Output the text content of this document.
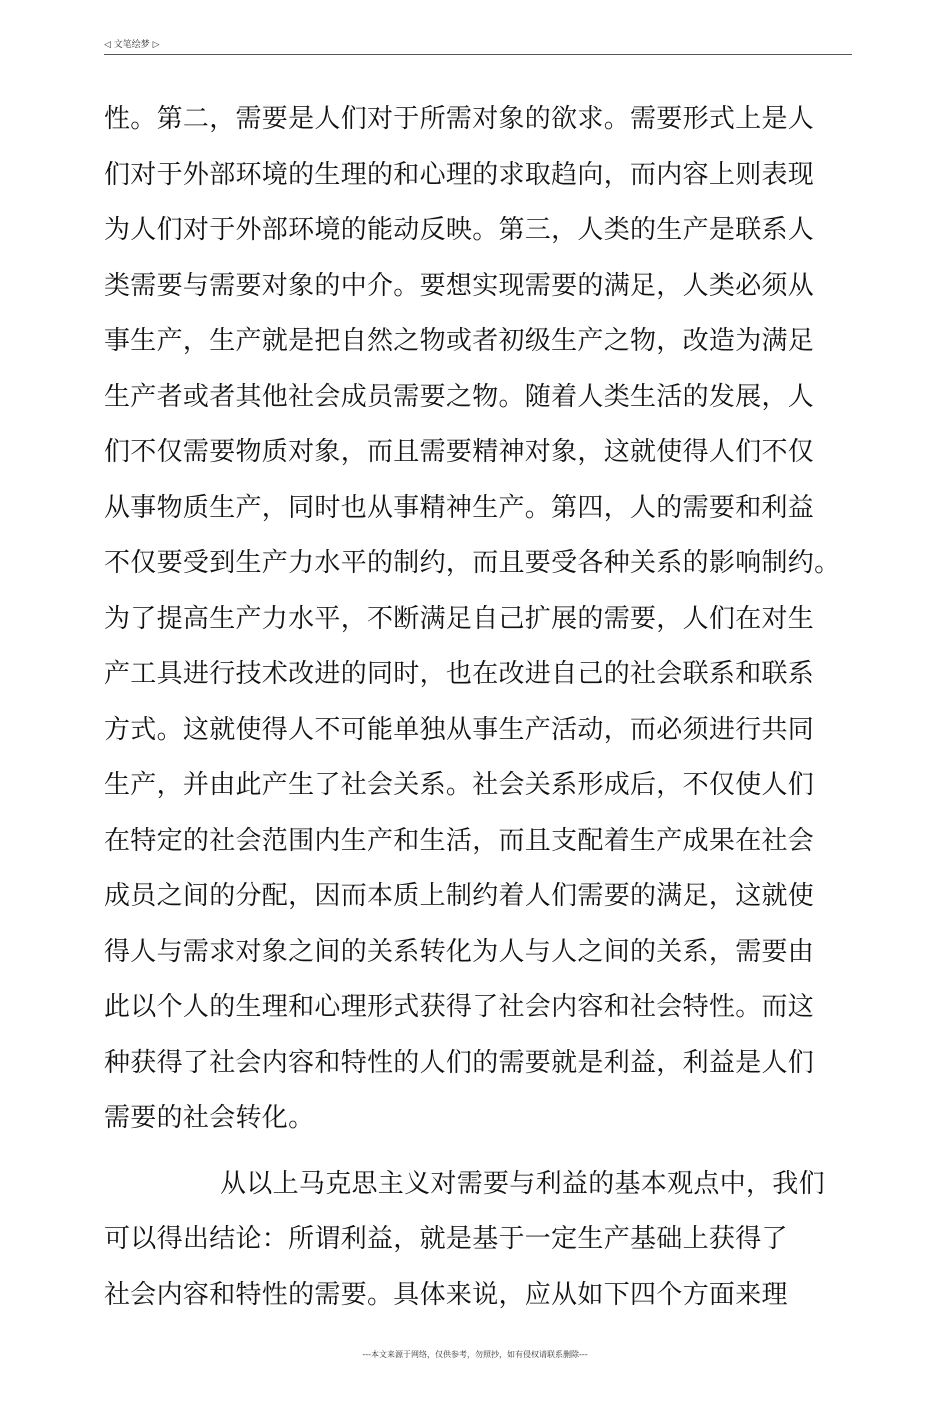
◁ 文笔绘梦 ▷
性。第二，需要是人们对于所需对象的欲求。需要形式上是人
们对于外部环境的生理的和心理的求取趋向，而内容上则表现
为人们对于外部环境的能动反映。第三，人类的生产是联系人
类需要与需要对象的中介。要想实现需要的满足，人类必须从
事生产，生产就是把自然之物或者初级生产之物，改造为满足
生产者或者其他社会成员需要之物。随着人类生活的发展，人
们不仅需要物质对象，而且需要精神对象，这就使得人们不仅
从事物质生产，同时也从事精神生产。第四，人的需要和利益
不仅要受到生产力水平的制约，而且要受各种关系的影响制约。
为了提高生产力水平，不断满足自己扩展的需要，人们在对生
产工具进行技术改进的同时，也在改进自己的社会联系和联系
方式。这就使得人不可能单独从事生产活动，而必须进行共同
生产，并由此产生了社会关系。社会关系形成后，不仅使人们
在特定的社会范围内生产和生活，而且支配着生产成果在社会
成员之间的分配，因而本质上制约着人们需要的满足，这就使
得人与需求对象之间的关系转化为人与人之间的关系，需要由
此以个人的生理和心理形式获得了社会内容和社会特性。而这
种获得了社会内容和特性的人们的需要就是利益，利益是人们
需要的社会转化。
从以上马克思主义对需要与利益的基本观点中，我们
可以得出结论：所谓利益，就是基于一定生产基础上获得了
社会内容和特性的需要。具体来说，应从如下四个方面来理
---本文来源于网络，仅供参考，勿照抄，如有侵权请联系删除---
